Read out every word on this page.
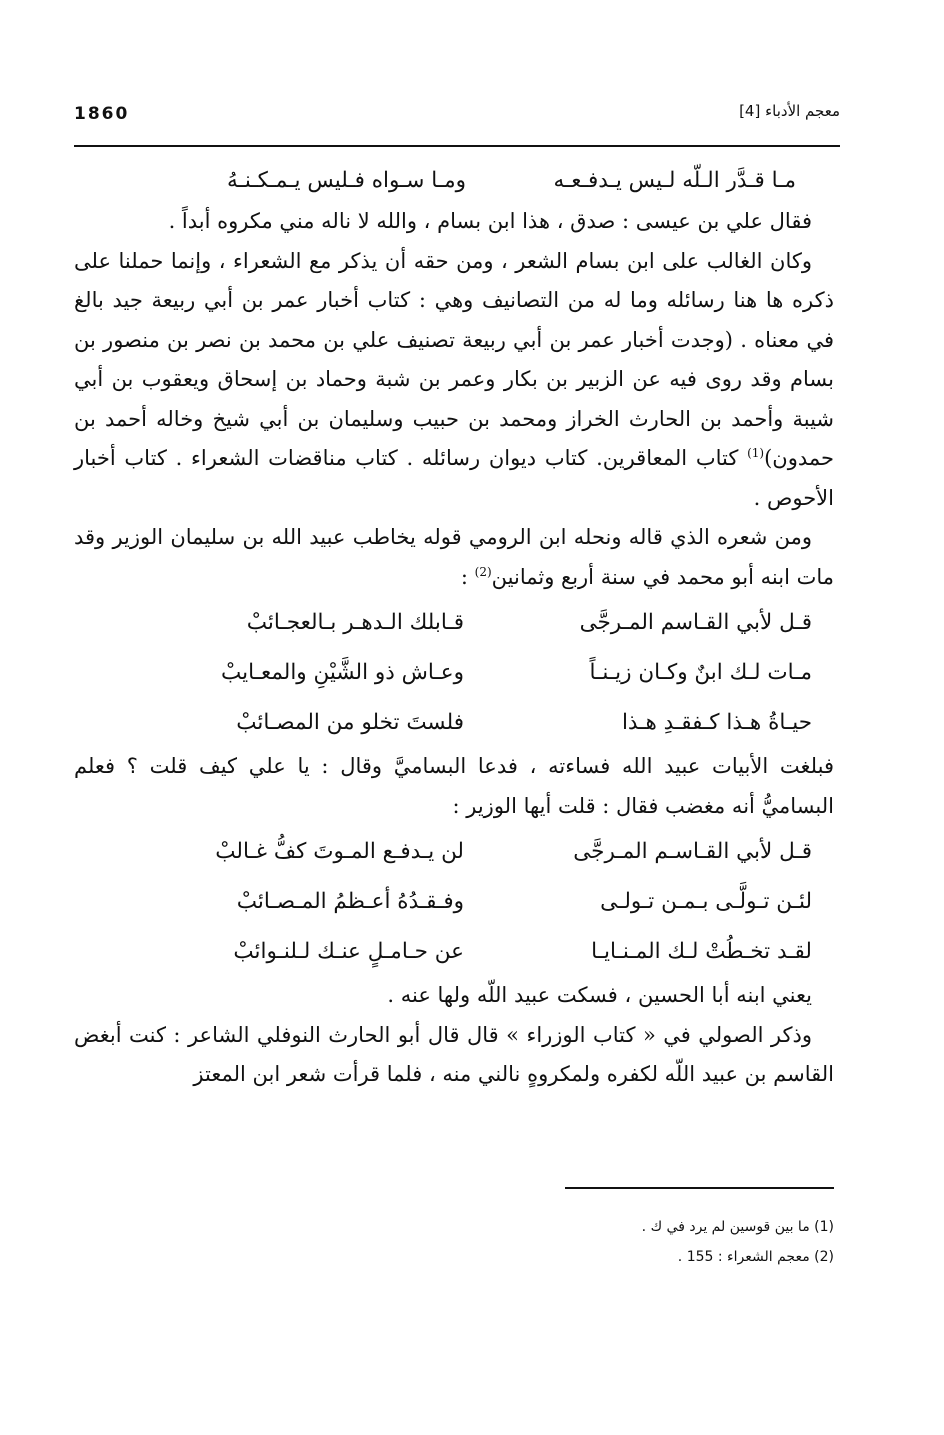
1860	معجم الأدباء [4]
مـا قـدَّر الـلّه لـيس يـدفـعـه
ومـا سـواه فـليس يـمـكـنـهُ

فقال علي بن عيسى : صدق ، هذا ابن بسام ، والله لا ناله مني مكروه أبداً .

وكان الغالب على ابن بسام الشعر ، ومن حقه أن يذكر مع الشعراء ، وإنما حملنا على ذكره ها هنا رسائله وما له من التصانيف وهي : كتاب أخبار عمر بن أبي ربيعة جيد بالغ في معناه . (وجدت أخبار عمر بن أبي ربيعة تصنيف علي بن محمد بن نصر بن منصور بن بسام وقد روى فيه عن الزبير بن بكار وعمر بن شبة وحماد بن إسحاق ويعقوب بن أبي شيبة وأحمد بن الحارث الخراز ومحمد بن حبيب وسليمان بن أبي شيخ وخاله أحمد بن حمدون)$^{(1)}$ كتاب المعاقرين. كتاب ديوان رسائله . كتاب مناقضات الشعراء . كتاب أخبار الأحوص .

ومن شعره الذي قاله ونحله ابن الرومي قوله يخاطب عبيد الله بن سليمان الوزير وقد مات ابنه أبو محمد في سنة أربع وثمانين$^{(2)}$ :

قـل لأبي القـاسم المـرجَّى
قـابلك الـدهـر بـالعجـائبْ
مـات لـك ابنٌ وكـان زيـنـاً
وعـاش ذو الشَّيْنِ والمعـايبْ
حيـاةُ هـذا كـفقـدِ هـذا
فلستَ تخلو من المصـائبْ

فبلغت الأبيات عبيد الله فساءته ، فدعا البساميَّ وقال : يا علي كيف قلت ؟ فعلم البساميُّ أنه مغضب فقال : قلت أيها الوزير :

قـل لأبي القـاسـم المـرجَّى
لن يـدفـع المـوتَ كفُّ غـالبْ
لئـن تـولَّـى بـمـن تـولـى
وفـقـدُهُ أعـظمُ المـصـائبْ
لقـد تخـطُتْ لـك المـنـايـا
عن حـامـلٍ عنـك لـلنـوائبْ

يعني ابنه أبا الحسين ، فسكت عبيد اللّه ولها عنه .

وذكر الصولي في « كتاب الوزراء » قال قال أبو الحارث النوفلي الشاعر : كنت أبغض القاسم بن عبيد اللّه لكفره ولمكروهٍ نالني منه ، فلما قرأت شعر ابن المعتز

(1) ما بين قوسين لم يرد في ك .
(2) معجم الشعراء : 155 .
